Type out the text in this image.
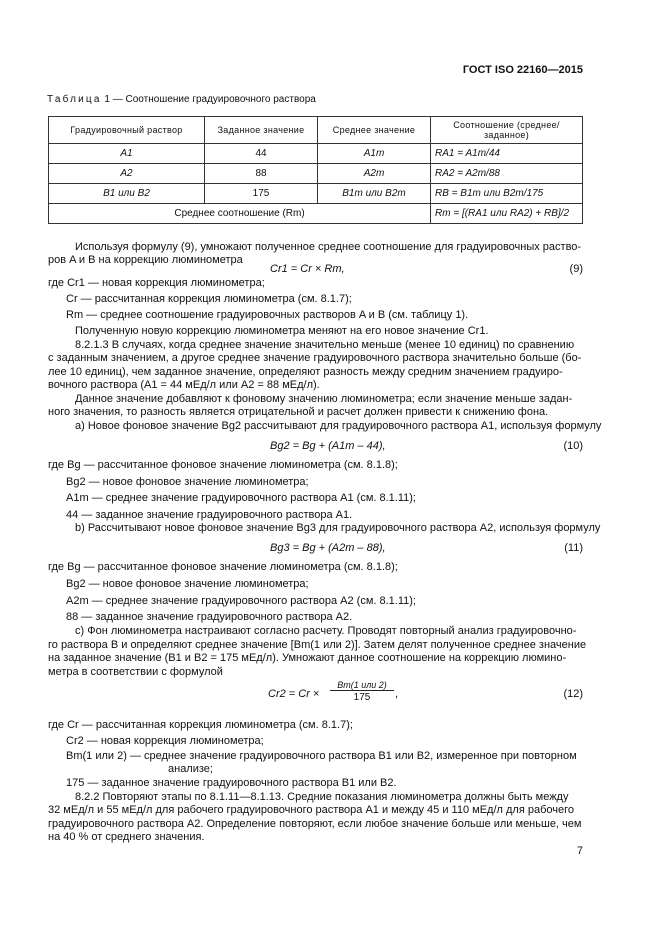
ГОСТ ISO 22160—2015
Таблица 1 — Соотношение градуировочного раствора
Градуировочный раствор	Заданное значение	Среднее значение	Соотношение (среднее/заданное)
A1	44	A1m	RA1 = A1m/44
A2	88	A2m	RA2 = A2m/88
B1 или B2	175	B1m или B2m	RB = B1m или B2m/175
Среднее соотношение (Rm)			Rm = [(RA1 или RA2) + RB]/2
Используя формулу (9), умножают полученное среднее соотношение для градуировочных раство-
ров A и B на коррекцию люминометра
Cr1 = Cr × Rm,	(9)
где Cr1 — новая коррекция люминометра;
Cr — рассчитанная коррекция люминометра (см. 8.1.7);
Rm — среднее соотношение градуировочных растворов A и B (см. таблицу 1).
Полученную новую коррекцию люминометра меняют на его новое значение Cr1.
8.2.1.3 В случаях, когда среднее значение значительно меньше (менее 10 единиц) по сравнению
с заданным значением, а другое среднее значение градуировочного раствора значительно больше (бо-
лее 10 единиц), чем заданное значение, определяют разность между средним значением градуиро-
вочного раствора (A1 = 44 мЕд/л или A2 = 88 мЕд/л).
Данное значение добавляют к фоновому значению люминометра; если значение меньше задан-
ного значения, то разность является отрицательной и расчет должен привести к снижению фона.
a) Новое фоновое значение Bg2 рассчитывают для градуировочного раствора A1, используя формулу
Bg2 = Bg + (A1m – 44),	(10)
где Bg — рассчитанное фоновое значение люминометра (см. 8.1.8);
Bg2 — новое фоновое значение люминометра;
A1m — среднее значение градуировочного раствора A1 (см. 8.1.11);
44 — заданное значение градуировочного раствора A1.
b) Рассчитывают новое фоновое значение Bg3 для градуировочного раствора A2, используя формулу
Bg3 = Bg + (A2m – 88),	(11)
где Bg — рассчитанное фоновое значение люминометра (см. 8.1.8);
Bg2 — новое фоновое значение люминометра;
A2m — среднее значение градуировочного раствора A2 (см. 8.1.11);
88 — заданное значение градуировочного раствора A2.
c) Фон люминометра настраивают согласно расчету. Проводят повторный анализ градуировочно-
го раствора B и определяют среднее значение [Bm(1 или 2)]. Затем делят полученное среднее значение
на заданное значение (B1 и B2 = 175 мЕд/л). Умножают данное соотношение на коррекцию люмино-
метра в соответствии с формулой
Cr2 = Cr ×
Bm(1 или 2)
175	,	(12)
где Cr — рассчитанная коррекция люминометра (см. 8.1.7);
Cr2 — новая коррекция люминометра;
Bm(1 или 2) — среднее значение градуировочного раствора B1 или B2, измеренное при повторном
анализе;
175 — заданное значение градуировочного раствора B1 или B2.
8.2.2 Повторяют этапы по 8.1.11—8.1.13. Средние показания люминометра должны быть между
32 мЕд/л и 55 мЕд/л для рабочего градуировочного раствора A1 и между 45 и 110 мЕд/л для рабочего
градуировочного раствора A2. Определение повторяют, если любое значение больше или меньше, чем
на 40 % от среднего значения.
7
